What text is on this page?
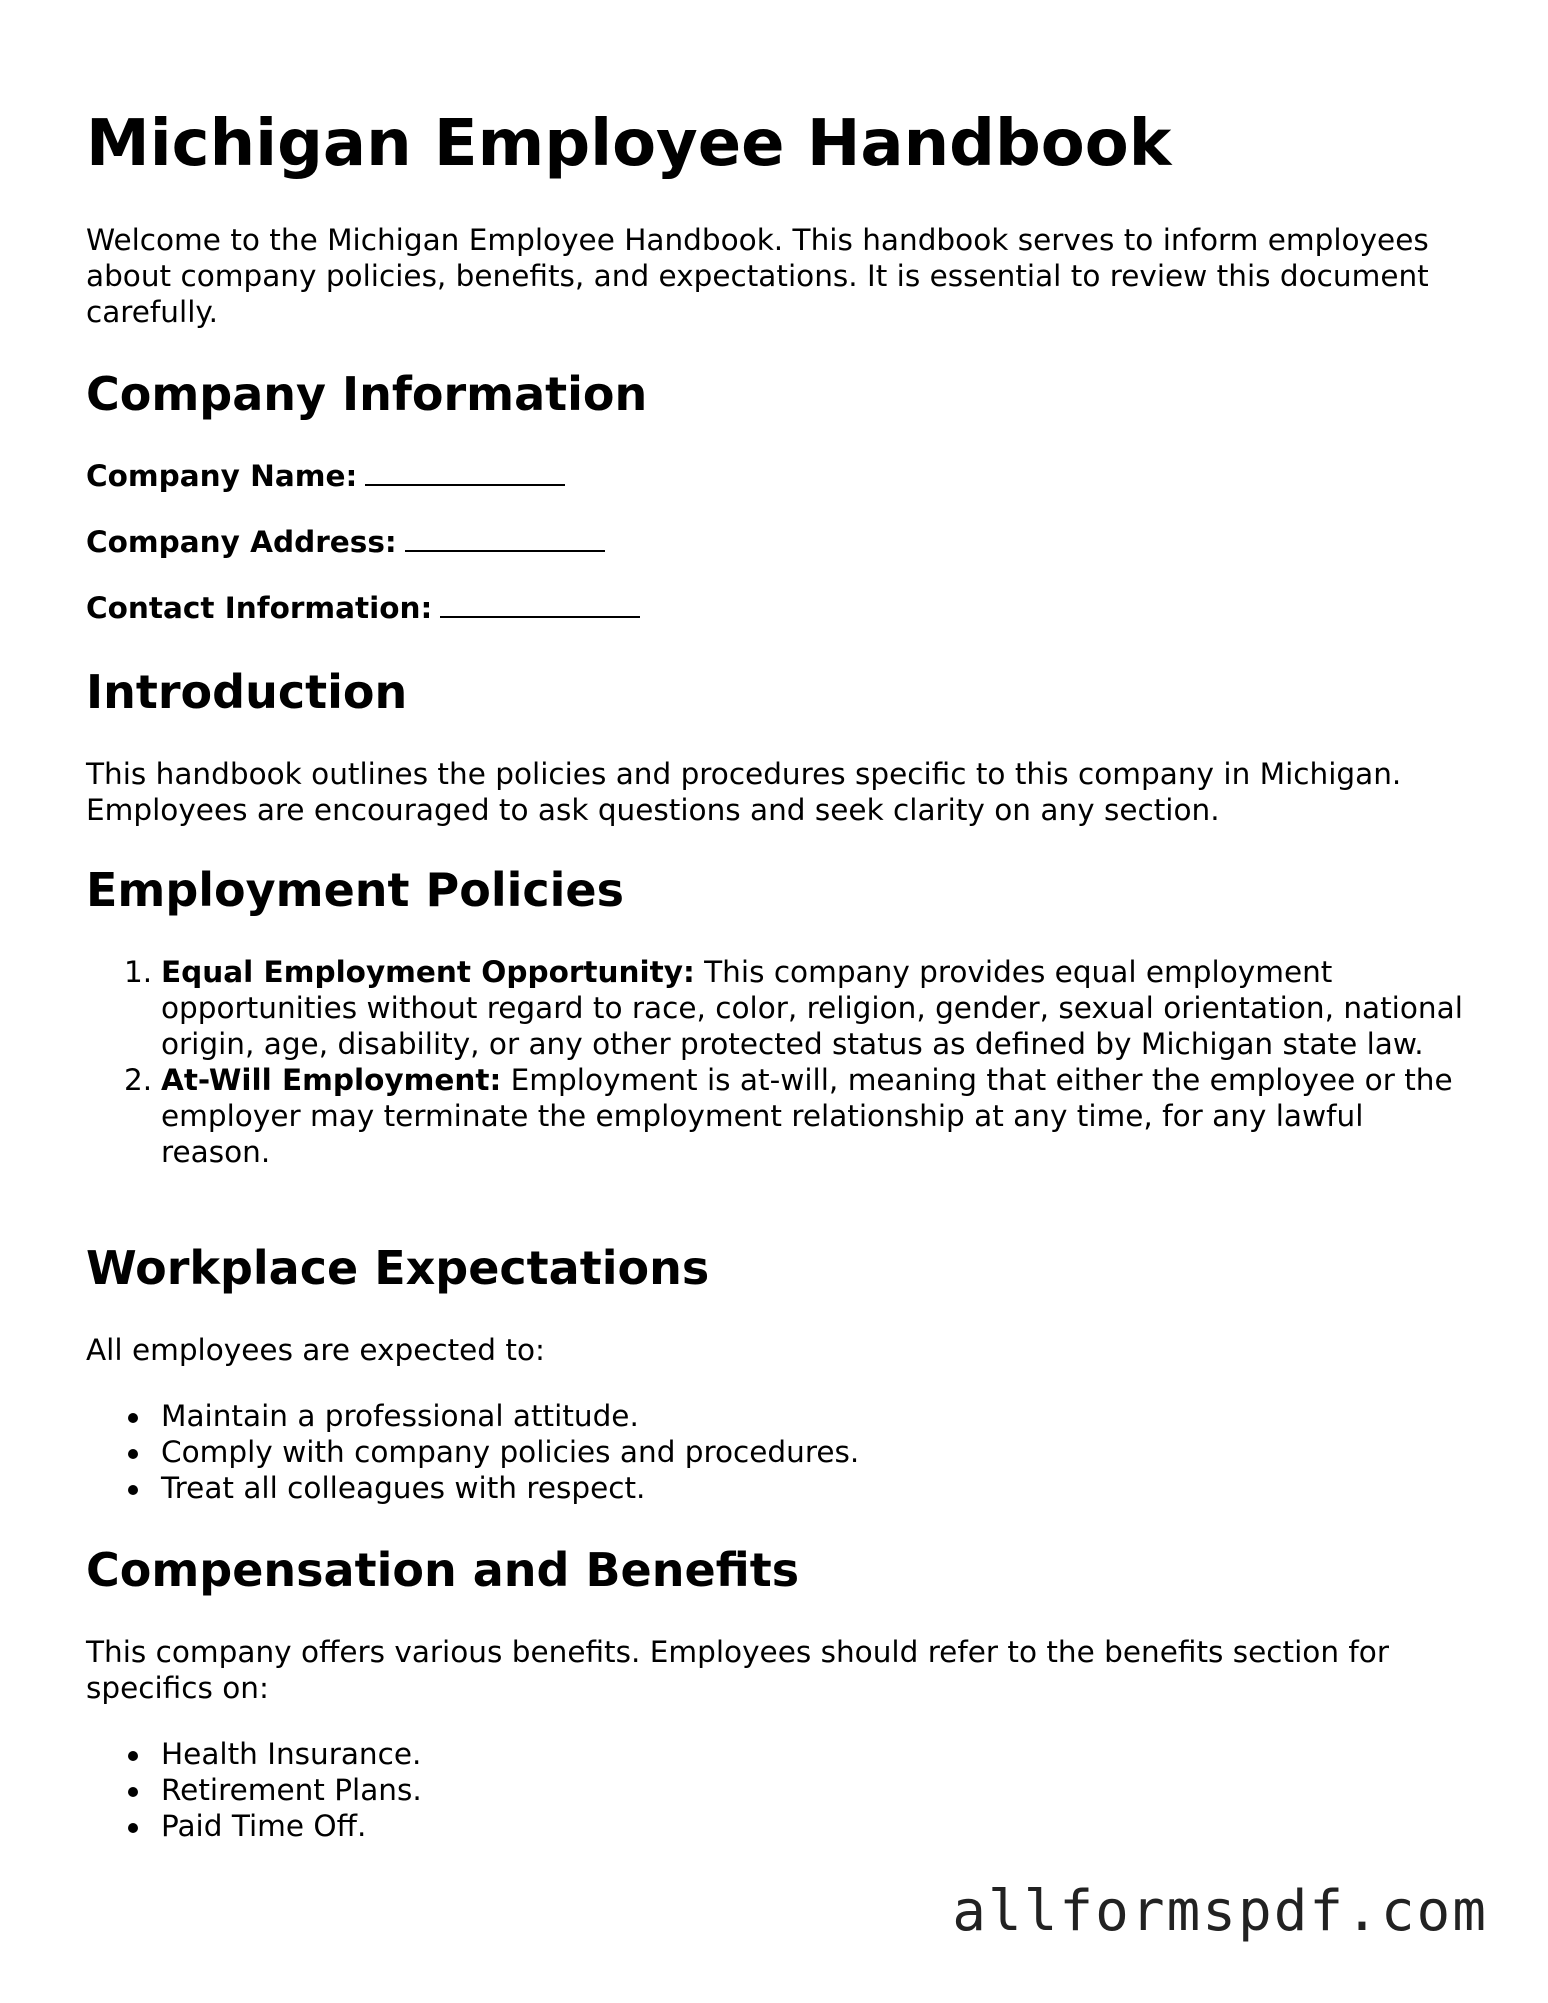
Michigan Employee Handbook

Welcome to the Michigan Employee Handbook. This handbook serves to inform employees about company policies, benefits, and expectations. It is essential to review this document carefully.

Company Information
Company Name:
Company Address:
Contact Information:
Introduction

This handbook outlines the policies and procedures specific to this company in Michigan. Employees are encouraged to ask questions and seek clarity on any section.

Employment Policies
1. Equal Employment Opportunity: This company provides equal employment opportunities without regard to race, color, religion, gender, sexual orientation, national origin, age, disability, or any other protected status as defined by Michigan state law.
2. At-Will Employment: Employment is at-will, meaning that either the employee or the employer may terminate the employment relationship at any time, for any lawful reason.
Workplace Expectations

All employees are expected to:

Maintain a professional attitude.
Comply with company policies and procedures.
Treat all colleagues with respect.
Compensation and Benefits

This company offers various benefits. Employees should refer to the benefits section for specifics on:

Health Insurance.
Retirement Plans.
Paid Time Off.
allformspdf.com
